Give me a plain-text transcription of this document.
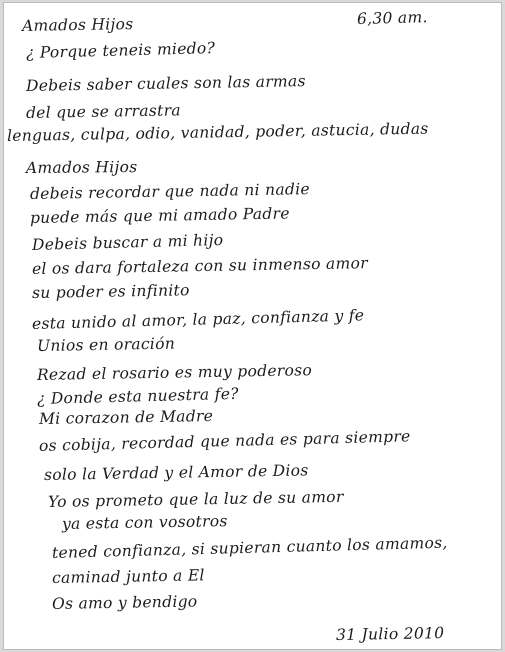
6,30 am.
Amados Hijos
¿ Porque teneis miedo?
Debeis saber cuales son las armas
del que se arrastra
lenguas, culpa, odio, vanidad, poder, astucia, dudas
Amados Hijos
debeis recordar que nada ni nadie
puede más que mi amado Padre
Debeis buscar a mi hijo
el os dara fortaleza con su inmenso amor
su poder es infinito
esta unido al amor, la paz, confianza y fe
Unios en oración
Rezad el rosario es muy poderoso
¿ Donde esta nuestra fe?
Mi corazon de Madre
os cobija, recordad que nada es para siempre
solo la Verdad y el Amor de Dios
Yo os prometo que la luz de su amor
ya esta con vosotros
tened confianza, si supieran cuanto los amamos,
caminad junto a El
Os amo y bendigo
31 Julio 2010
